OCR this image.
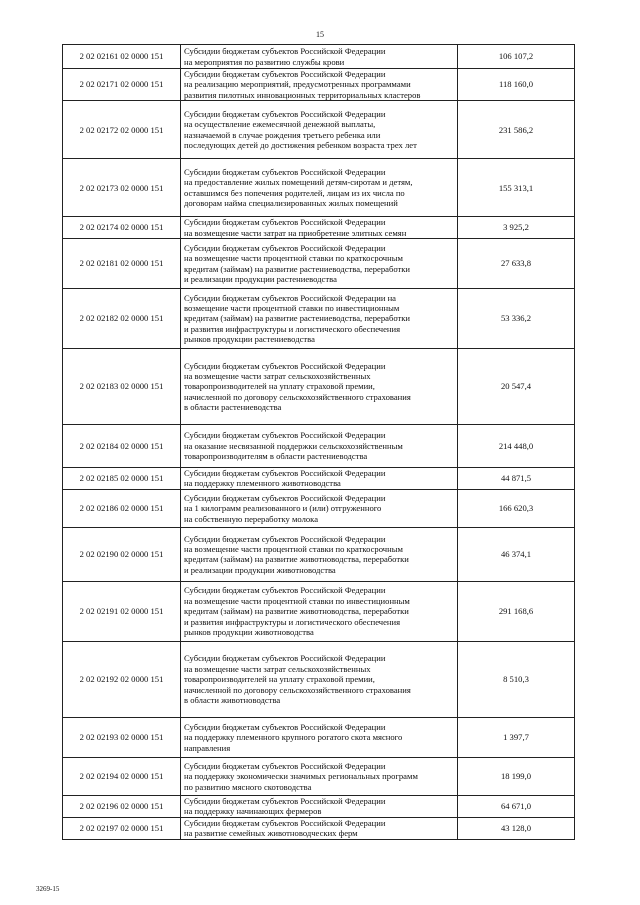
15
2 02 02161 02 0000 151	Субсидии бюджетам субъектов Российской Федерации
на мероприятия по развитию службы крови	106 107,2
2 02 02171 02 0000 151	Субсидии бюджетам субъектов Российской Федерации
на реализацию мероприятий, предусмотренных программами
развития пилотных инновационных территориальных кластеров	118 160,0
2 02 02172 02 0000 151	Субсидии бюджетам субъектов Российской Федерации
на осуществление ежемесячной денежной выплаты,
назначаемой в случае рождения третьего ребенка или
последующих детей до достижения ребенком возраста трех лет	231 586,2
2 02 02173 02 0000 151	Субсидии бюджетам субъектов Российской Федерации
на предоставление жилых помещений детям-сиротам и детям,
оставшимся без попечения родителей, лицам из их числа по
договорам найма специализированных жилых помещений	155 313,1
2 02 02174 02 0000 151	Субсидии бюджетам субъектов Российской Федерации
на возмещение части затрат на приобретение элитных семян	3 925,2
2 02 02181 02 0000 151	Субсидии бюджетам субъектов Российской Федерации
на возмещение части процентной ставки по краткосрочным
кредитам (займам) на развитие растениеводства, переработки
и реализации продукции растениеводства	27 633,8
2 02 02182 02 0000 151	Субсидии бюджетам субъектов Российской Федерации на
возмещение части процентной ставки по инвестиционным
кредитам (займам) на развитие растениеводства, переработки
и развития инфраструктуры и логистического обеспечения
рынков продукции растениеводства	53 336,2
2 02 02183 02 0000 151	Субсидии бюджетам субъектов Российской Федерации
на возмещение части затрат сельскохозяйственных
товаропроизводителей на уплату страховой премии,
начисленной по договору сельскохозяйственного страхования
в области растениеводства	20 547,4
2 02 02184 02 0000 151	Субсидии бюджетам субъектов Российской Федерации
на оказание несвязанной поддержки сельскохозяйственным
товаропроизводителям в области растениеводства	214 448,0
2 02 02185 02 0000 151	Субсидии бюджетам субъектов Российской Федерации
на поддержку племенного животноводства	44 871,5
2 02 02186 02 0000 151	Субсидии бюджетам субъектов Российской Федерации
на 1 килограмм реализованного и (или) отгруженного
на собственную переработку молока	166 620,3
2 02 02190 02 0000 151	Субсидии бюджетам субъектов Российской Федерации
на возмещение части процентной ставки по краткосрочным
кредитам (займам) на развитие животноводства, переработки
и реализации продукции животноводства	46 374,1
2 02 02191 02 0000 151	Субсидии бюджетам субъектов Российской Федерации
на возмещение части процентной ставки по инвестиционным
кредитам (займам) на развитие животноводства, переработки
и развития инфраструктуры и логистического обеспечения
рынков продукции животноводства	291 168,6
2 02 02192 02 0000 151	Субсидии бюджетам субъектов Российской Федерации
на возмещение части затрат сельскохозяйственных
товаропроизводителей на уплату страховой премии,
начисленной по договору сельскохозяйственного страхования
в области животноводства	8 510,3
2 02 02193 02 0000 151	Субсидии бюджетам субъектов Российской Федерации
на поддержку племенного крупного рогатого скота мясного
направления	1 397,7
2 02 02194 02 0000 151	Субсидии бюджетам субъектов Российской Федерации
на поддержку экономически значимых региональных программ
по развитию мясного скотоводства	18 199,0
2 02 02196 02 0000 151	Субсидии бюджетам субъектов Российской Федерации
на поддержку начинающих фермеров	64 671,0
2 02 02197 02 0000 151	Субсидии бюджетам субъектов Российской Федерации
на развитие семейных животноводческих ферм	43 128,0
3269-15
